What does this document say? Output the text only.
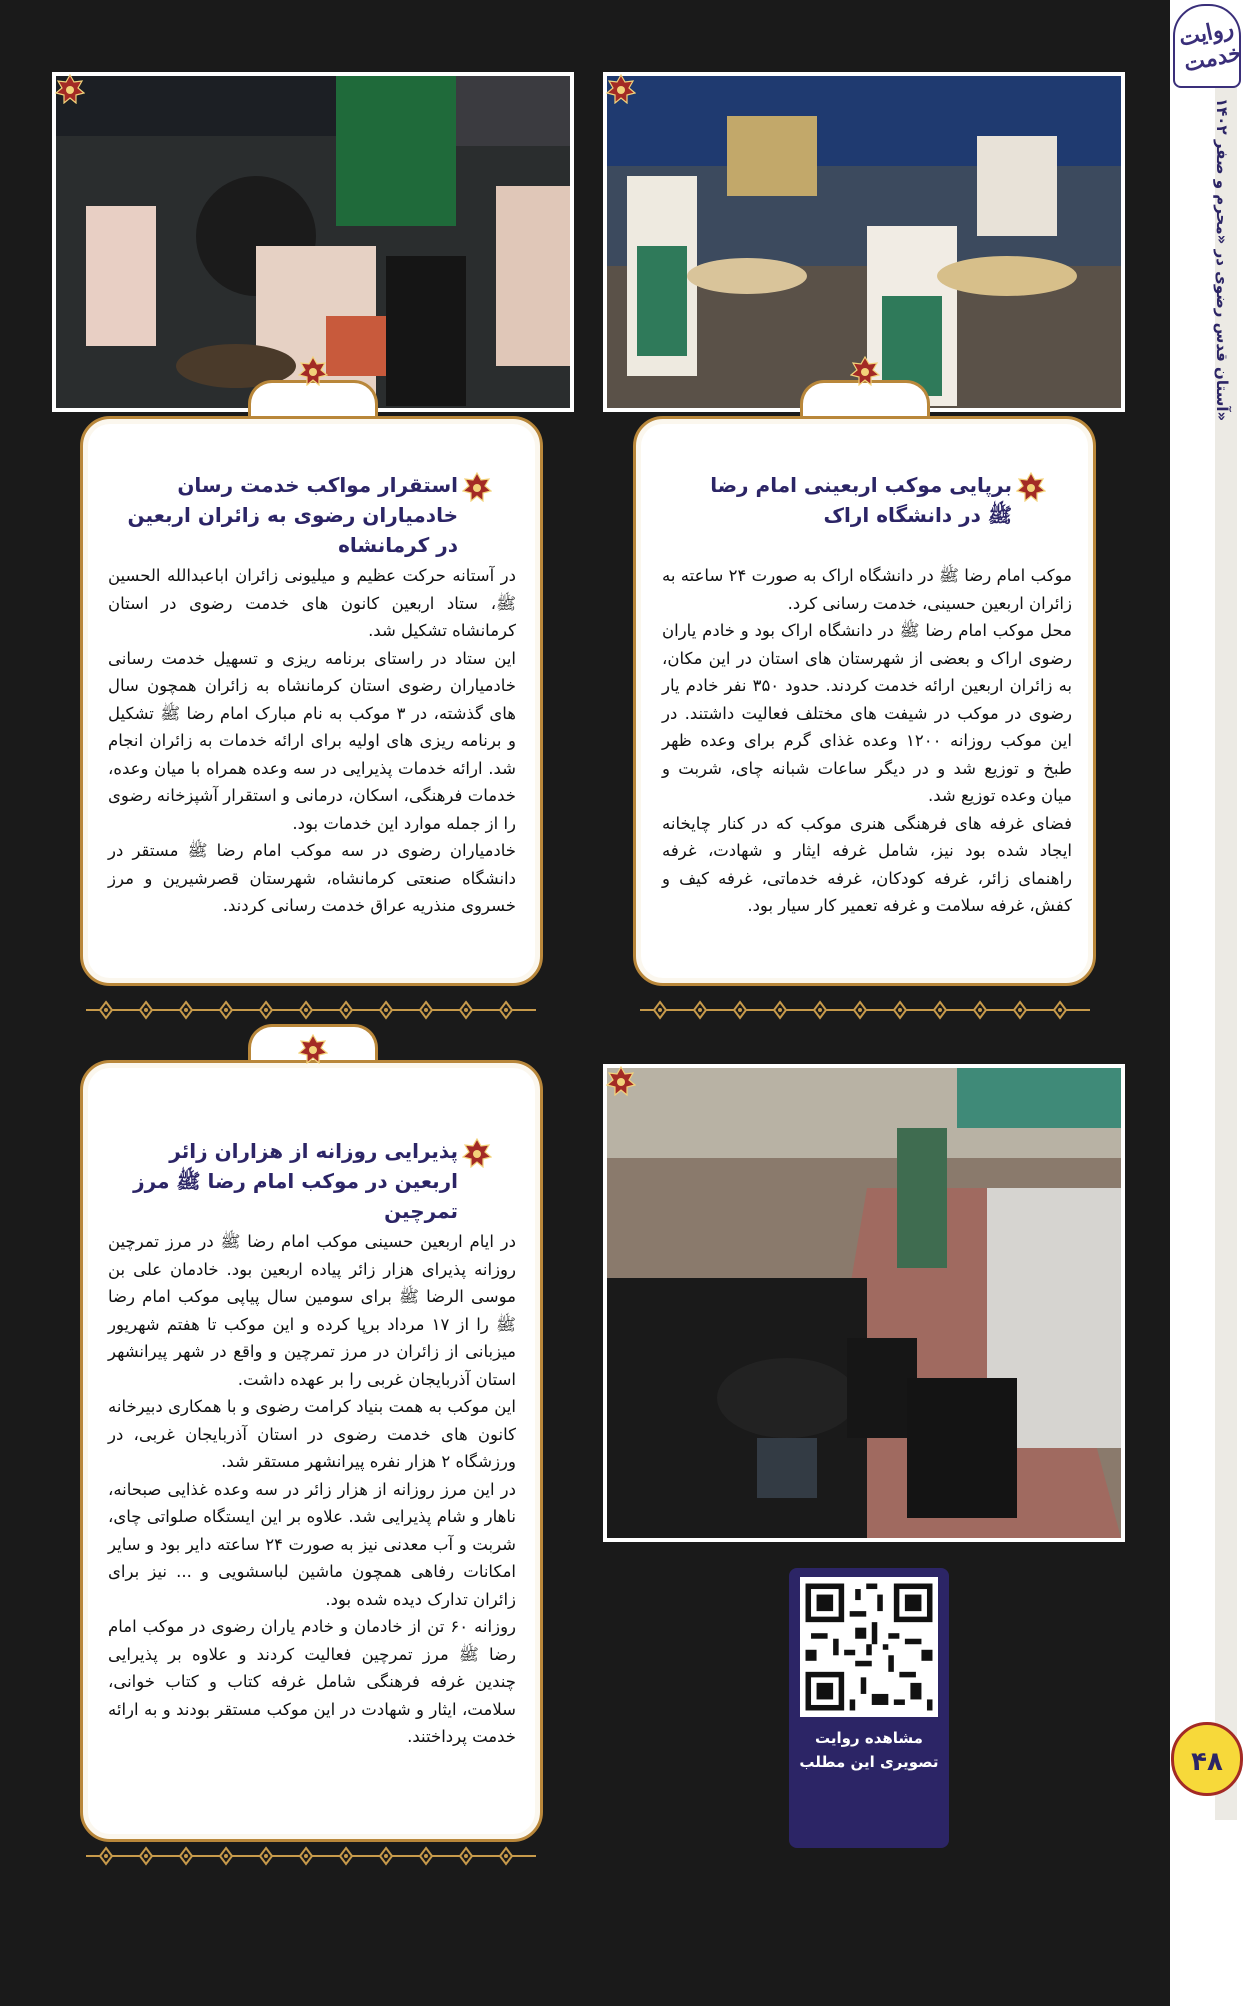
روایت خدمت
آستان قدس رضوی در «محرم و صفر ۱۴۰۲»
۴۸
برپایی موکب اربعینی امام رضا ﷺ در دانشگاه اراک
موکب امام رضا ﷺ در دانشگاه اراک به صورت ۲۴ ساعته به زائران اربعین حسینی، خدمت رسانی کرد.
محل موکب امام رضا ﷺ در دانشگاه اراک بود و خادم یاران رضوی اراک و بعضی از شهرستان های استان در این مکان، به زائران اربعین ارائه خدمت کردند. حدود ۳۵۰ نفر خادم یار رضوی در موکب در شیفت های مختلف فعالیت داشتند. در این موکب روزانه ۱۲۰۰ وعده غذای گرم برای وعده ظهر طبخ و توزیع شد و در دیگر ساعات شبانه چای، شربت و میان وعده توزیع شد.
فضای غرفه های فرهنگی هنری موکب که در کنار چایخانه ایجاد شده بود نیز، شامل غرفه ایثار و شهادت، غرفه راهنمای زائر، غرفه کودکان، غرفه خدماتی، غرفه کیف و کفش، غرفه سلامت و غرفه تعمیر کار سیار بود.
استقرار مواکب خدمت رسان خادمیاران رضوی به زائران اربعین در کرمانشاه
در آستانه حرکت عظیم و میلیونی زائران اباعبدالله الحسین ﷺ، ستاد اربعین کانون های خدمت رضوی در استان کرمانشاه تشکیل شد.
این ستاد در راستای برنامه ریزی و تسهیل خدمت رسانی خادمیاران رضوی استان کرمانشاه به زائران همچون سال های گذشته، در ۳ موکب به نام مبارک امام رضا ﷺ تشکیل و برنامه ریزی های اولیه برای ارائه خدمات به زائران انجام شد. ارائه خدمات پذیرایی در سه وعده همراه با میان وعده، خدمات فرهنگی، اسکان، درمانی و استقرار آشپزخانه رضوی را از جمله موارد این خدمات بود.
خادمیاران رضوی در سه موکب امام رضا ﷺ مستقر در دانشگاه صنعتی کرمانشاه، شهرستان قصرشیرین و مرز خسروی منذریه عراق خدمت رسانی کردند.
پذیرایی روزانه از هزاران زائر اربعین در موکب امام رضا ﷺ مرز تمرچین
در ایام اربعین حسینی موکب امام رضا ﷺ در مرز تمرچین روزانه پذیرای هزار زائر پیاده اربعین بود. خادمان علی بن موسی الرضا ﷺ برای سومین سال پیاپی موکب امام رضا ﷺ را از ۱۷ مرداد برپا کرده و این موکب تا هفتم شهریور میزبانی از زائران در مرز تمرچین و واقع در شهر پیرانشهر استان آذربایجان غربی را بر عهده داشت.
این موکب به همت بنیاد کرامت رضوی و با همکاری دبیرخانه کانون های خدمت رضوی در استان آذربایجان غربی، در ورزشگاه ۲ هزار نفره پیرانشهر مستقر شد.
در این مرز روزانه از هزار زائر در سه وعده غذایی صبحانه، ناهار و شام پذیرایی شد. علاوه بر این ایستگاه صلواتی چای، شربت و آب معدنی نیز به صورت ۲۴ ساعته دایر بود و سایر امکانات رفاهی همچون ماشین لباسشویی و ... نیز برای زائران تدارک دیده شده بود.
روزانه ۶۰ تن از خادمان و خادم یاران رضوی در موکب امام رضا ﷺ مرز تمرچین فعالیت کردند و علاوه بر پذیرایی چندین غرفه فرهنگی شامل غرفه کتاب و کتاب خوانی، سلامت، ایثار و شهادت در این موکب مستقر بودند و به ارائه خدمت پرداختند.	مشاهده روایت تصویری این مطلب
